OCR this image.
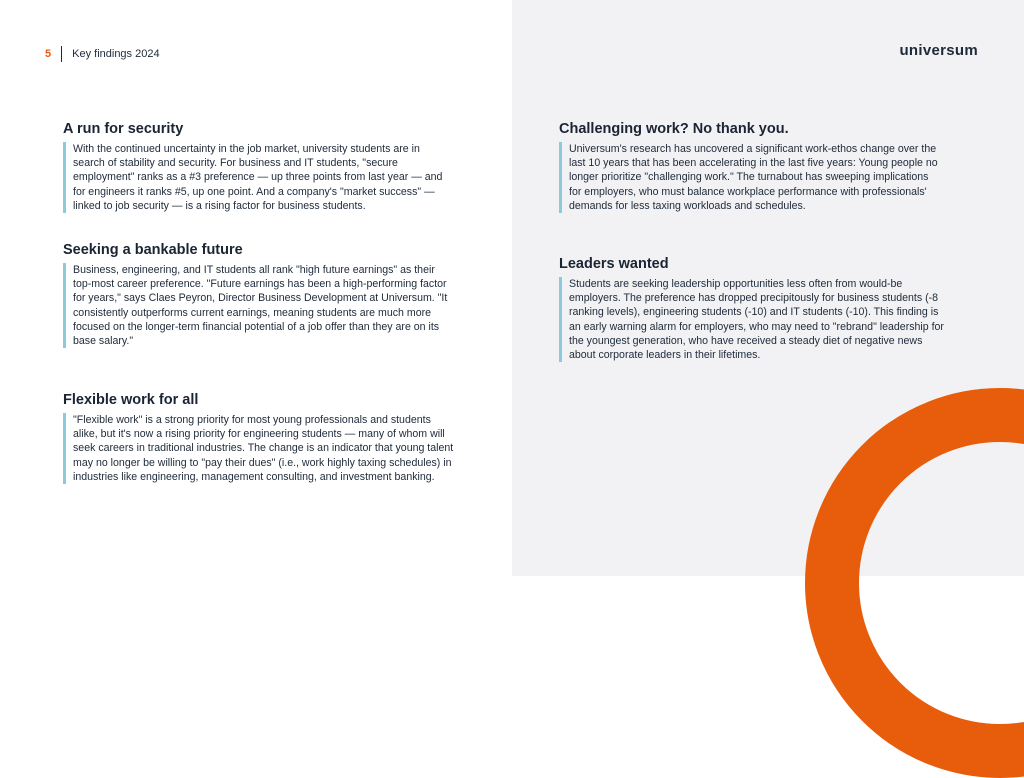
5 Key findings 2024	universum
A run for security
With the continued uncertainty in the job market, university students are in search of stability and security. For business and IT students, "secure employment" ranks as a #3 preference — up three points from last year — and for engineers it ranks #5, up one point. And a company's "market success" — linked to job security — is a rising factor for business students.
Seeking a bankable future
Business, engineering, and IT students all rank "high future earnings" as their top-most career preference. "Future earnings has been a high-performing factor for years," says Claes Peyron, Director Business Development at Universum. "It consistently outperforms current earnings, meaning students are much more focused on the longer-term financial potential of a job offer than they are on its base salary."
Flexible work for all
"Flexible work" is a strong priority for most young professionals and students alike, but it's now a rising priority for engineering students — many of whom will seek careers in traditional industries. The change is an indicator that young talent may no longer be willing to "pay their dues" (i.e., work highly taxing schedules) in industries like engineering, management consulting, and investment banking.
Challenging work? No thank you.
Universum's research has uncovered a significant work-ethos change over the last 10 years that has been accelerating in the last five years: Young people no longer prioritize "challenging work." The turnabout has sweeping implications for employers, who must balance workplace performance with professionals' demands for less taxing workloads and schedules.
Leaders wanted
Students are seeking leadership opportunities less often from would-be employers. The preference has dropped precipitously for business students (-8 ranking levels), engineering students (-10) and IT students (-10). This finding is an early warning alarm for employers, who may need to "rebrand" leadership for the youngest generation, who have received a steady diet of negative news about corporate leaders in their lifetimes.
